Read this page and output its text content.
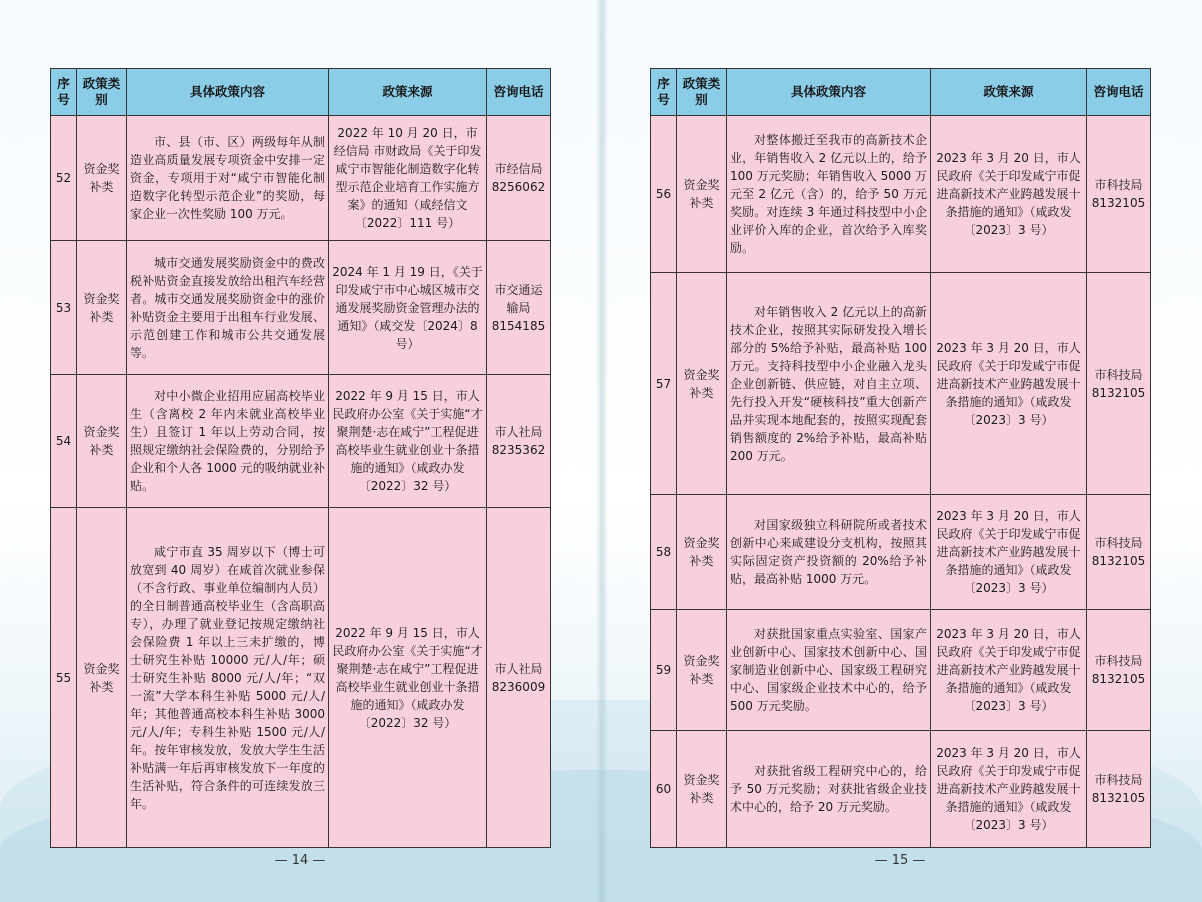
序号	政策类别	具体政策内容	政策来源	咨询电话
52	资金奖补类	市、县（市、区）两级每年从制造业高质量发展专项资金中安排一定资金，专项用于对“咸宁市智能化制造数字化转型示范企业”的奖励，每家企业一次性奖励 100 万元。	2022 年 10 月 20 日，市经信局 市财政局《关于印发咸宁市智能化制造数字化转型示范企业培育工作实施方案》的通知（咸经信文〔2022〕111 号）	市经信局 8256062
53	资金奖补类	城市交通发展奖励资金中的费改税补贴资金直接发放给出租汽车经营者。城市交通发展奖励资金中的涨价补贴资金主要用于出租车行业发展、示范创建工作和城市公共交通发展等。	2024 年 1 月 19 日，《关于印发咸宁市中心城区城市交通发展奖励资金管理办法的通知》（咸交发〔2024〕8 号）	市交通运输局 8154185
54	资金奖补类	对中小微企业招用应届高校毕业生（含离校 2 年内未就业高校毕业生）且签订 1 年以上劳动合同，按照规定缴纳社会保险费的，分别给予企业和个人各 1000 元的吸纳就业补贴。	2022 年 9 月 15 日，市人民政府办公室《关于实施“才聚荆楚·志在咸宁”工程促进高校毕业生就业创业十条措施的通知》（咸政办发〔2022〕32 号）	市人社局 8235362
55	资金奖补类	咸宁市直 35 周岁以下（博士可放宽到 40 周岁）在咸首次就业参保（不含行政、事业单位编制内人员）的全日制普通高校毕业生（含高职高专），办理了就业登记按规定缴纳社会保险费 1 年以上三未扩缴的，博士研究生补贴 10000 元/人/年；硕士研究生补贴 8000 元/人/年；“双一流”大学本科生补贴 5000 元/人/年；其他普通高校本科生补贴 3000 元/人/年；专科生补贴 1500 元/人/年。按年审核发放，发放大学生生活补贴满一年后再审核发放下一年度的生活补贴，符合条件的可连续发放三年。	2022 年 9 月 15 日，市人民政府办公室《关于实施“才聚荆楚·志在咸宁”工程促进高校毕业生就业创业十条措施的通知》（咸政办发〔2022〕32 号）	市人社局 8236009
— 14 —
序号	政策类别	具体政策内容	政策来源	咨询电话
56	资金奖补类	对整体搬迁至我市的高新技术企业，年销售收入 2 亿元以上的，给予 100 万元奖励；年销售收入 5000 万元至 2 亿元（含）的，给予 50 万元奖励。对连续 3 年通过科技型中小企业评价入库的企业，首次给予入库奖励。	2023 年 3 月 20 日，市人民政府《关于印发咸宁市促进高新技术产业跨越发展十条措施的通知》（咸政发〔2023〕3 号）	市科技局 8132105
57	资金奖补类	对年销售收入 2 亿元以上的高新技术企业，按照其实际研发投入增长部分的 5%给予补贴，最高补贴 100 万元。支持科技型中小企业融入龙头企业创新链、供应链，对自主立项、先行投入开发“硬核科技”重大创新产品并实现本地配套的，按照实现配套销售额度的 2%给予补贴，最高补贴 200 万元。	2023 年 3 月 20 日，市人民政府《关于印发咸宁市促进高新技术产业跨越发展十条措施的通知》（咸政发〔2023〕3 号）	市科技局 8132105
58	资金奖补类	对国家级独立科研院所或者技术创新中心来咸建设分支机构，按照其实际固定资产投资额的 20%给予补贴，最高补贴 1000 万元。	2023 年 3 月 20 日，市人民政府《关于印发咸宁市促进高新技术产业跨越发展十条措施的通知》（咸政发〔2023〕3 号）	市科技局 8132105
59	资金奖补类	对获批国家重点实验室、国家产业创新中心、国家技术创新中心、国家制造业创新中心、国家级工程研究中心、国家级企业技术中心的，给予 500 万元奖励。	2023 年 3 月 20 日，市人民政府《关于印发咸宁市促进高新技术产业跨越发展十条措施的通知》（咸政发〔2023〕3 号）	市科技局 8132105
60	资金奖补类	对获批省级工程研究中心的，给予 50 万元奖励；对获批省级企业技术中心的，给予 20 万元奖励。	2023 年 3 月 20 日，市人民政府《关于印发咸宁市促进高新技术产业跨越发展十条措施的通知》（咸政发〔2023〕3 号）	市科技局 8132105
— 15 —
